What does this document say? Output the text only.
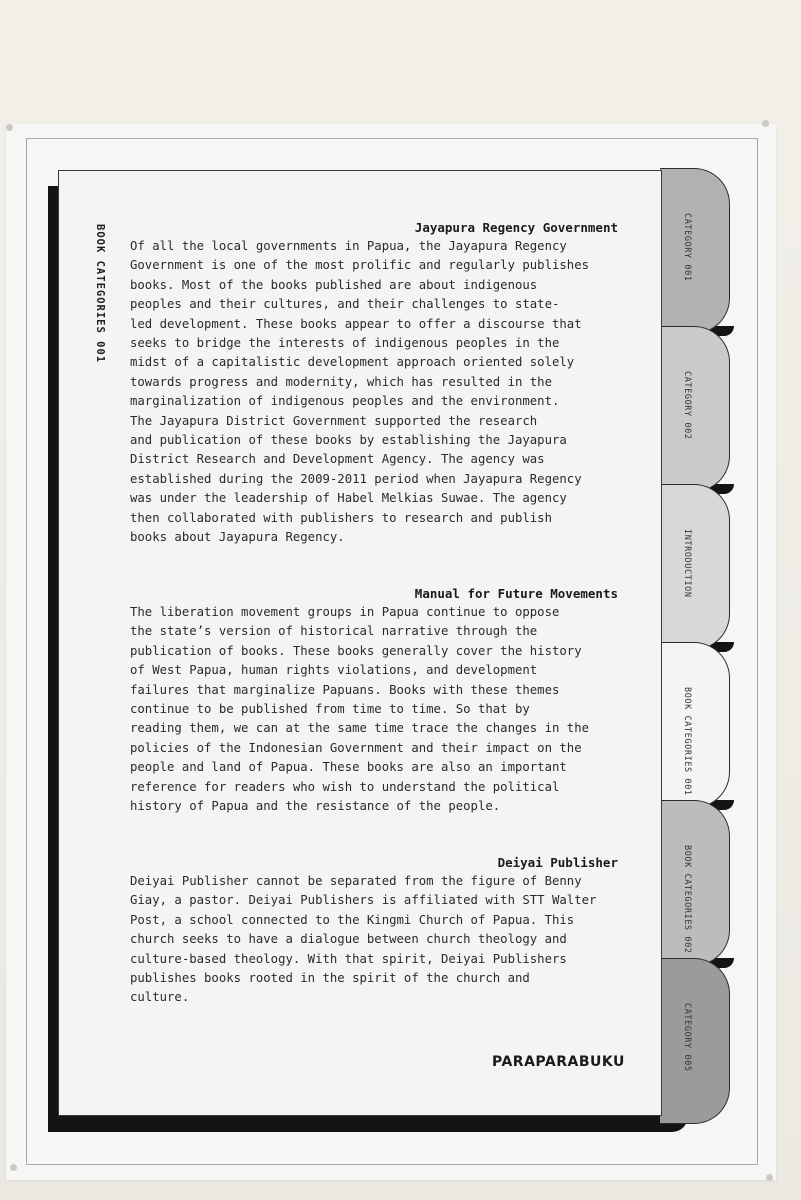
CATEGORY 001
CATEGORY 002
INTRODUCTION
BOOK CATEGORIES 001
BOOK CATEGORIES 002
CATEGORY 005
BOOK CATEGORIES 001	Jayapura Regency Government

Of all the local governments in Papua, the Jayapura Regency
Government is one of the most prolific and regularly publishes
books. Most of the books published are about indigenous
peoples and their cultures, and their challenges to state-
led development. These books appear to offer a discourse that
seeks to bridge the interests of indigenous peoples in the
midst of a capitalistic development approach oriented solely
towards progress and modernity, which has resulted in the
marginalization of indigenous peoples and the environment.
The Jayapura District Government supported the research
and publication of these books by establishing the Jayapura
District Research and Development Agency. The agency was
established during the 2009-2011 period when Jayapura Regency
was under the leadership of Habel Melkias Suwae. The agency
then collaborated with publishers to research and publish
books about Jayapura Regency.

Manual for Future Movements

The liberation movement groups in Papua continue to oppose
the state’s version of historical narrative through the
publication of books. These books generally cover the history
of West Papua, human rights violations, and development
failures that marginalize Papuans. Books with these themes
continue to be published from time to time. So that by
reading them, we can at the same time trace the changes in the
policies of the Indonesian Government and their impact on the
people and land of Papua. These books are also an important
reference for readers who wish to understand the political
history of Papua and the resistance of the people.

Deiyai Publisher

Deiyai Publisher cannot be separated from the figure of Benny
Giay, a pastor. Deiyai Publishers is affiliated with STT Walter
Post, a school connected to the Kingmi Church of Papua. This
church seeks to have a dialogue between church theology and
culture-based theology. With that spirit, Deiyai Publishers
publishes books rooted in the spirit of the church and
culture.

PARAPARABUKU
